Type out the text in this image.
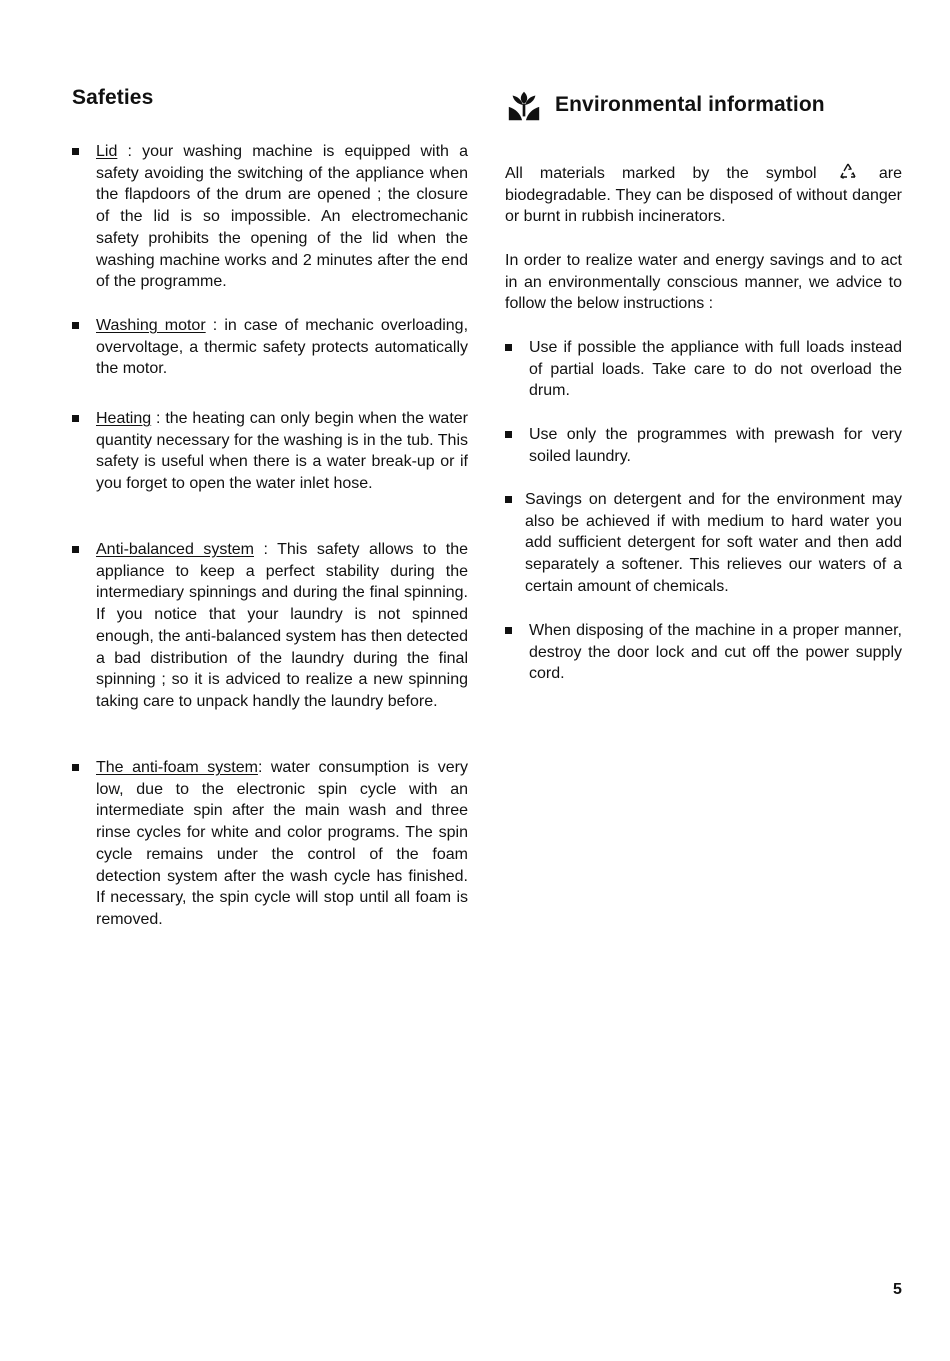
Safeties
Lid : your washing machine is equipped with a safety avoiding the switching of the appliance when the flapdoors of the drum are opened ; the closure of the lid is so impossible. An electromechanic safety prohibits the opening of the lid when the washing machine works and 2 minutes after the end of the programme.
Washing motor : in case of mechanic overloading, overvoltage, a thermic safety protects automatically the motor.
Heating : the heating can only begin when the water quantity necessary for the washing is in the tub. This safety is useful when there is a water break-up or if you forget to open the water inlet hose.
Anti-balanced system : This safety allows to the appliance to keep a perfect stability during the intermediary spinnings and during the final spinning. If you notice that your laundry is not spinned enough, the anti-balanced system has then detected a bad distribution of the laundry during the final spinning ; so it is adviced to realize a new spinning taking care to unpack handly the laundry before.
The anti-foam system: water consumption is very low, due to the electronic spin cycle with an intermediate spin after the main wash and three rinse cycles for white and color programs. The spin cycle remains under the control of the foam detection system after the wash cycle has finished. If necessary, the spin cycle will stop until all foam is removed.
Environmental information
All materials marked by the symbol	are biodegradable. They can be disposed of without danger or burnt in rubbish incinerators.
In order to realize water and energy savings and to act in an environmentally conscious manner, we advice to follow the below instructions :
Use if possible the appliance with full loads instead of partial loads. Take care to do not overload the drum.
Use only the programmes with prewash for very soiled laundry.
Savings on detergent and for the environment may also be achieved if with medium to hard water you add sufficient detergent for soft water and then add separately a softener. This relieves our waters of a certain amount of chemicals.
When disposing of the machine in a proper manner, destroy the door lock and cut off the power supply cord.
5
